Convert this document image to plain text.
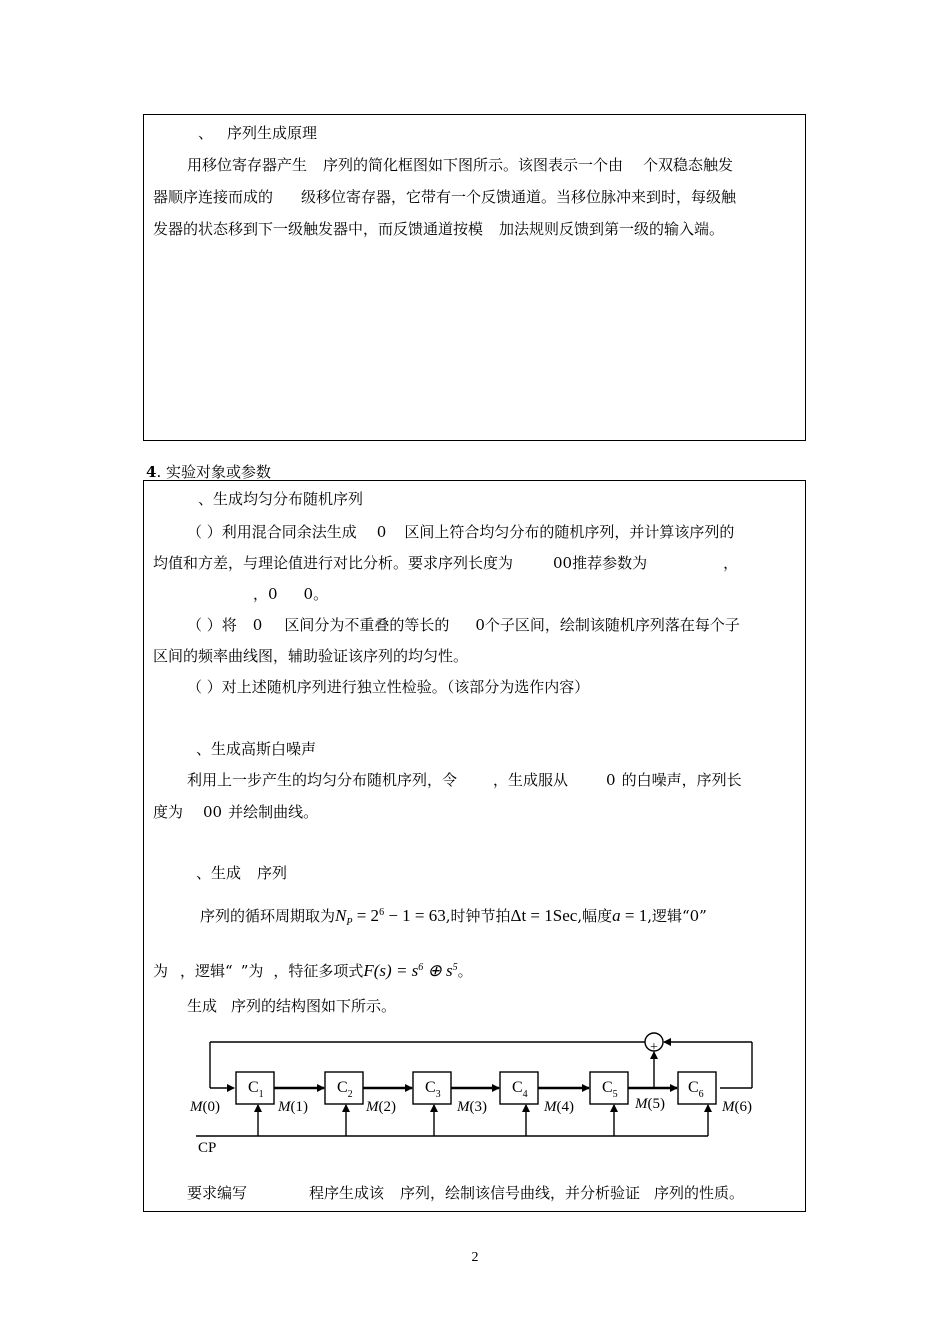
、 序列生成原理
用移位寄存器产生 序列的简化框图如下图所示。该图表示一个由 个双稳态触发
器顺序连接而成的 级移位寄存器，它带有一个反馈通道。当移位脉冲来到时，每级触
发器的状态移到下一级触发器中，而反馈通道按模 加法规则反馈到第一级的输入端。
4. 实验对象或参数
、生成均匀分布随机序列
（ ）利用混合同余法生成 0 区间上符合均匀分布的随机序列，并计算该序列的
均值和方差，与理论值进行对比分析。要求序列长度为	00推荐参数为	，
，0 0。
（ ）将 0 区间分为不重叠的等长的 0个子区间，绘制该随机序列落在每个子
区间的频率曲线图，辅助验证该序列的均匀性。
（ ）对上述随机序列进行独立性检验。（该部分为选作内容）
、生成高斯白噪声
利用上一步产生的均匀分布随机序列，令 ，生成服从	0 的白噪声，序列长
度为 00 并绘制曲线。
、生成 序列
序列的循环周期取为$N_P = 2^6 - 1 = 63$,时钟节拍Δt = 1Sec,幅度a = 1,逻辑“0”
为 ，逻辑“ ”为 ，特征多项式$F(s) = s^6$ ⊕ $s^5$。
生成 序列的结构图如下所示。
+
$C_1$	$C_2$	$C_3$	$C_4$	$C_5$	$C_6$
M(0)	M(1)	M(2)	M(3)	M(4)	M(5)	M(6)
CP
要求编写	程序生成该 序列，绘制该信号曲线，并分析验证 序列的性质。
2
